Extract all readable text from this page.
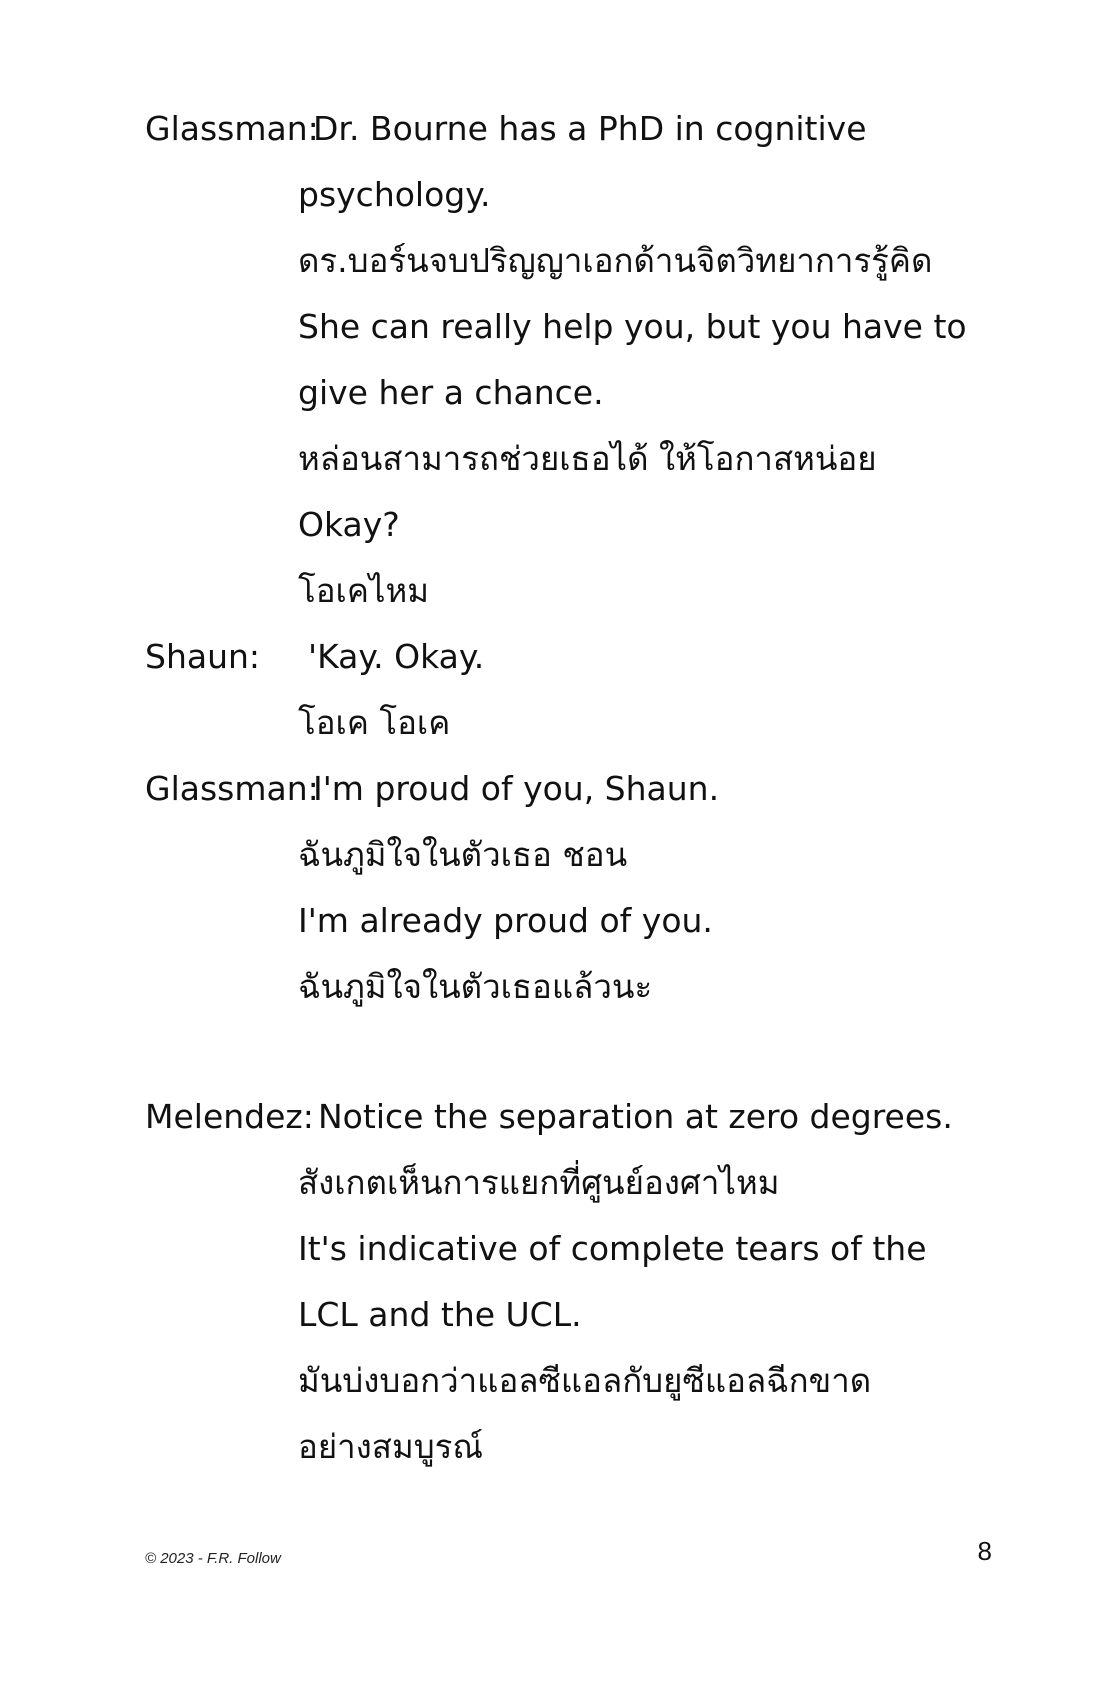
Glassman:
Dr. Bourne has a PhD in cognitive
psychology.
ดร.บอร์นจบปริญญาเอกด้านจิตวิทยาการรู้คิด
She can really help you, but you have to
give her a chance.
หล่อนสามารถช่วยเธอได้ ให้โอกาสหน่อย
Okay?
โอเคไหม
Shaun: 'Kay. Okay.
โอเค โอเค
Glassman:
I'm proud of you, Shaun.
ฉันภูมิใจในตัวเธอ ชอน
I'm already proud of you.
ฉันภูมิใจในตัวเธอแล้วนะ
Melendez: Notice the separation at zero degrees.
สังเกตเห็นการแยกที่ศูนย์องศาไหม
It's indicative of complete tears of the
LCL and the UCL.
มันบ่งบอกว่าแอลซีแอลกับยูซีแอลฉีกขาด
อย่างสมบูรณ์
© 2023 - F.R. Follow	8
